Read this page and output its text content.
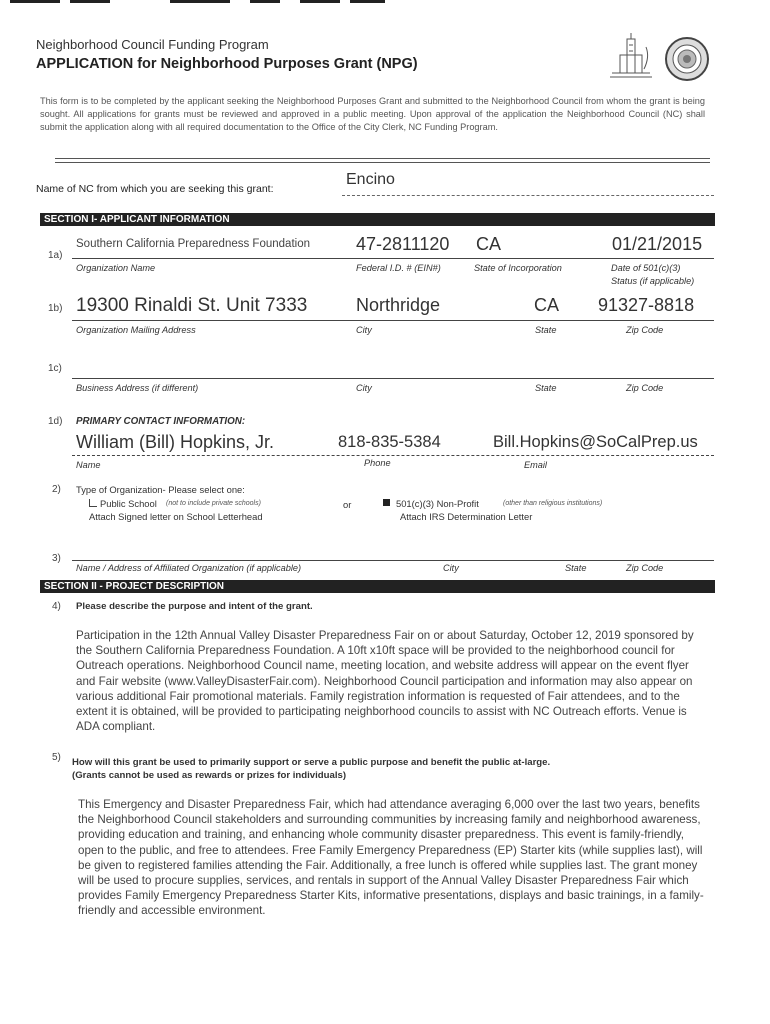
Neighborhood Council Funding Program
APPLICATION for Neighborhood Purposes Grant (NPG)
This form is to be completed by the applicant seeking the Neighborhood Purposes Grant and submitted to the Neighborhood Council from whom the grant is being sought. All applications for grants must be reviewed and approved in a public meeting. Upon approval of the application the Neighborhood Council (NC) shall submit the application along with all required documentation to the Office of the City Clerk, NC Funding Program.
Name of NC from which you are seeking this grant:
Encino
SECTION I- APPLICANT INFORMATION
1a)
Southern California Preparedness Foundation	47-2811120 CA	01/21/2015
Organization Name	Federal I.D. # (EIN#)	State of Incorporation	Date of 501(c)(3)
Status (if applicable)
1b) 19300 Rinaldi St. Unit 7333	Northridge	CA 91327-8818
Organization Mailing Address	City	State	Zip Code
1c)
Business Address (if different)	City	State	Zip Code
1d) PRIMARY CONTACT INFORMATION:
William (Bill) Hopkins, Jr.	818-835-5384	Bill.Hopkins@SoCalPrep.us
Name	Phone	Email
2) Type of Organization- Please select one:
Public School (not to include private schools)
Attach Signed letter on School Letterhead
or	501(c)(3) Non-Profit	(other than religious institutions)
Attach IRS Determination Letter
3)
Name / Address of Affiliated Organization (if applicable)	City	State	Zip Code
SECTION II - PROJECT DESCRIPTION
4) Please describe the purpose and intent of the grant.
Participation in the 12th Annual Valley Disaster Preparedness Fair on or about Saturday, October 12, 2019 sponsored by the Southern California Preparedness Foundation. A 10ft x10ft space will be provided to the neighborhood council for Outreach operations. Neighborhood Council name, meeting location, and website address will appear on the event flyer and Fair website (www.ValleyDisasterFair.com). Neighborhood Council participation and information may also appear on various additional Fair promotional materials. Family registration information is requested of Fair attendees, and to the extent it is obtained, will be provided to participating neighborhood councils to assist with NC Outreach efforts. Venue is ADA compliant.
5) How will this grant be used to primarily support or serve a public purpose and benefit the public at-large.
(Grants cannot be used as rewards or prizes for individuals)
This Emergency and Disaster Preparedness Fair, which had attendance averaging 6,000 over the last two years, benefits the Neighborhood Council stakeholders and surrounding communities by increasing family and neighborhood awareness, providing education and training, and enhancing whole community disaster preparedness. This event is family-friendly, open to the public, and free to attendees. Free Family Emergency Preparedness (EP) Starter kits (while supplies last), will be given to registered families attending the Fair. Additionally, a free lunch is offered while supplies last. The grant money will be used to procure supplies, services, and rentals in support of the Annual Valley Disaster Preparedness Fair which provides Family Emergency Preparedness Starter Kits, informative presentations, displays and basic trainings, in a family-friendly and accessible environment.
